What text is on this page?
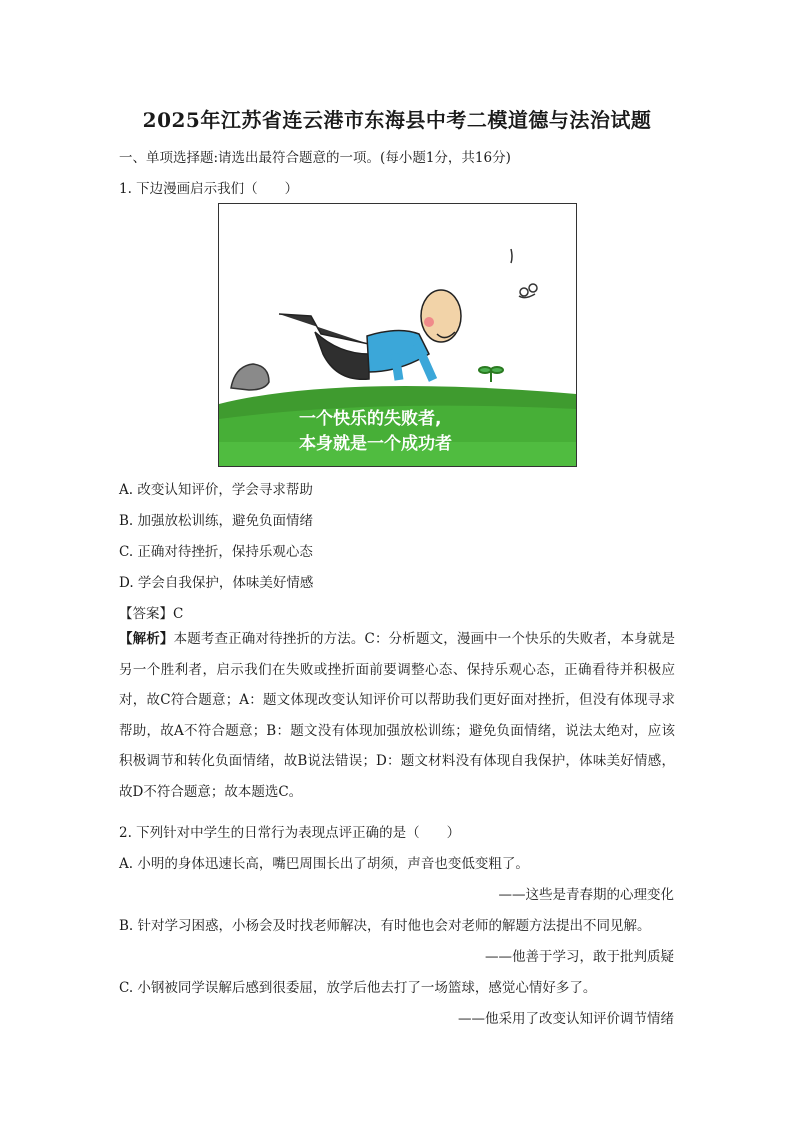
2025年江苏省连云港市东海县中考二模道德与法治试题
一、单项选择题:请选出最符合题意的一项。(每小题1分，共16分)
1. 下边漫画启示我们（　　）
一个快乐的失败者,
本身就是一个成功者
A. 改变认知评价，学会寻求帮助
B. 加强放松训练，避免负面情绪
C. 正确对待挫折，保持乐观心态
D. 学会自我保护，体味美好情感
【答案】C
【解析】本题考查正确对待挫折的方法。C：分析题文，漫画中一个快乐的失败者，本身就是另一个胜利者，启示我们在失败或挫折面前要调整心态、保持乐观心态，正确看待并积极应对，故C符合题意；A：题文体现改变认知评价可以帮助我们更好面对挫折，但没有体现寻求帮助，故A不符合题意；B：题文没有体现加强放松训练；避免负面情绪，说法太绝对，应该积极调节和转化负面情绪，故B说法错误；D：题文材料没有体现自我保护，体味美好情感，故D不符合题意；故本题选C。
2. 下列针对中学生的日常行为表现点评正确的是（　　）
A. 小明的身体迅速长高，嘴巴周围长出了胡须，声音也变低变粗了。
——这些是青春期的心理变化
B. 针对学习困惑，小杨会及时找老师解决，有时他也会对老师的解题方法提出不同见解。
——他善于学习，敢于批判质疑
C. 小钢被同学误解后感到很委屈，放学后他去打了一场篮球，感觉心情好多了。
——他采用了改变认知评价调节情绪
